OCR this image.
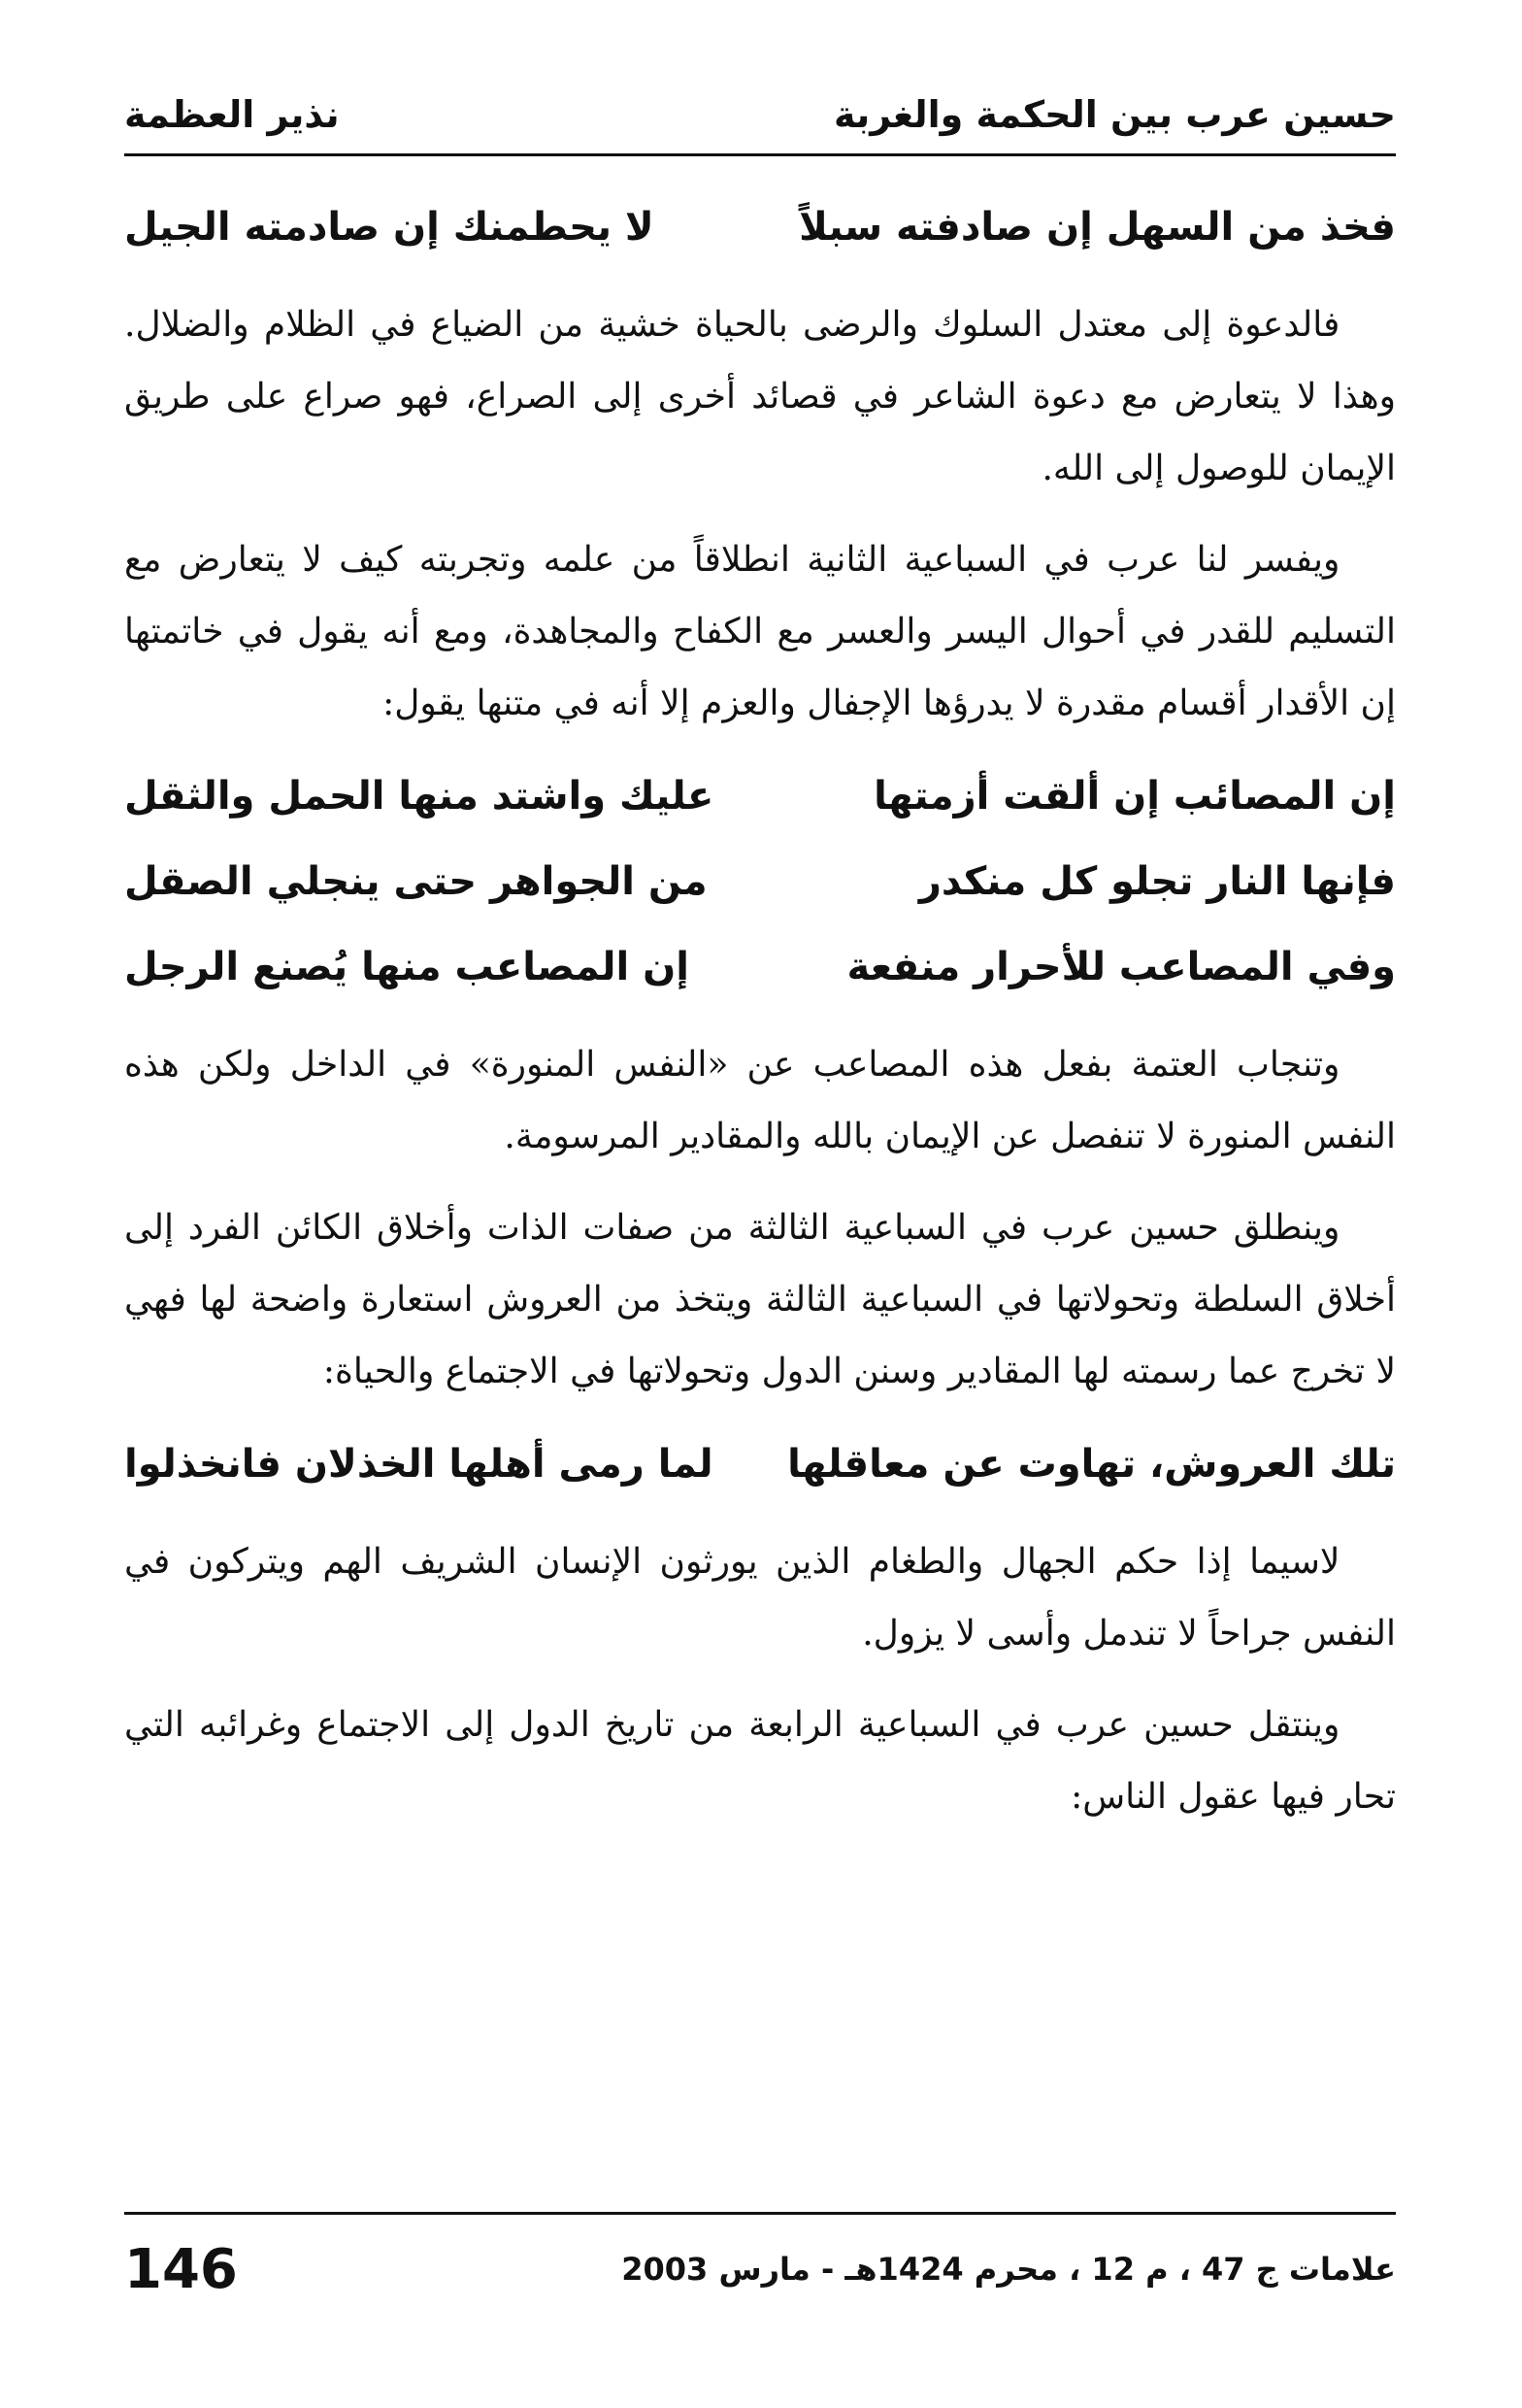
حسين عرب بين الحكمة والغربة
نذير العظمة
فخذ من السهل إن صادفته سبلاً
لا يحطمنك إن صادمته الجيل

فالدعوة إلى معتدل السلوك والرضى بالحياة خشية من الضياع في الظلام والضلال. وهذا لا يتعارض مع دعوة الشاعر في قصائد أخرى إلى الصراع، فهو صراع على طريق الإيمان للوصول إلى الله.

ويفسر لنا عرب في السباعية الثانية انطلاقاً من علمه وتجربته كيف لا يتعارض مع التسليم للقدر في أحوال اليسر والعسر مع الكفاح والمجاهدة، ومع أنه يقول في خاتمتها إن الأقدار أقسام مقدرة لا يدرؤها الإجفال والعزم إلا أنه في متنها يقول:

إن المصائب إن ألقت أزمتها
عليك واشتد منها الحمل والثقل
فإنها النار تجلو كل منكدر
من الجواهر حتى ينجلي الصقل
وفي المصاعب للأحرار منفعة
إن المصاعب منها يُصنع الرجل

وتنجاب العتمة بفعل هذه المصاعب عن «النفس المنورة» في الداخل ولكن هذه النفس المنورة لا تنفصل عن الإيمان بالله والمقادير المرسومة.

وينطلق حسين عرب في السباعية الثالثة من صفات الذات وأخلاق الكائن الفرد إلى أخلاق السلطة وتحولاتها في السباعية الثالثة ويتخذ من العروش استعارة واضحة لها فهي لا تخرج عما رسمته لها المقادير وسنن الدول وتحولاتها في الاجتماع والحياة:

تلك العروش، تهاوت عن معاقلها
لما رمى أهلها الخذلان فانخذلوا

لاسيما إذا حكم الجهال والطغام الذين يورثون الإنسان الشريف الهم ويتركون في النفس جراحاً لا تندمل وأسى لا يزول.

وينتقل حسين عرب في السباعية الرابعة من تاريخ الدول إلى الاجتماع وغرائبه التي تحار فيها عقول الناس:

علامات ج 47 ، م 12 ، محرم 1424هـ - مارس 2003
146
